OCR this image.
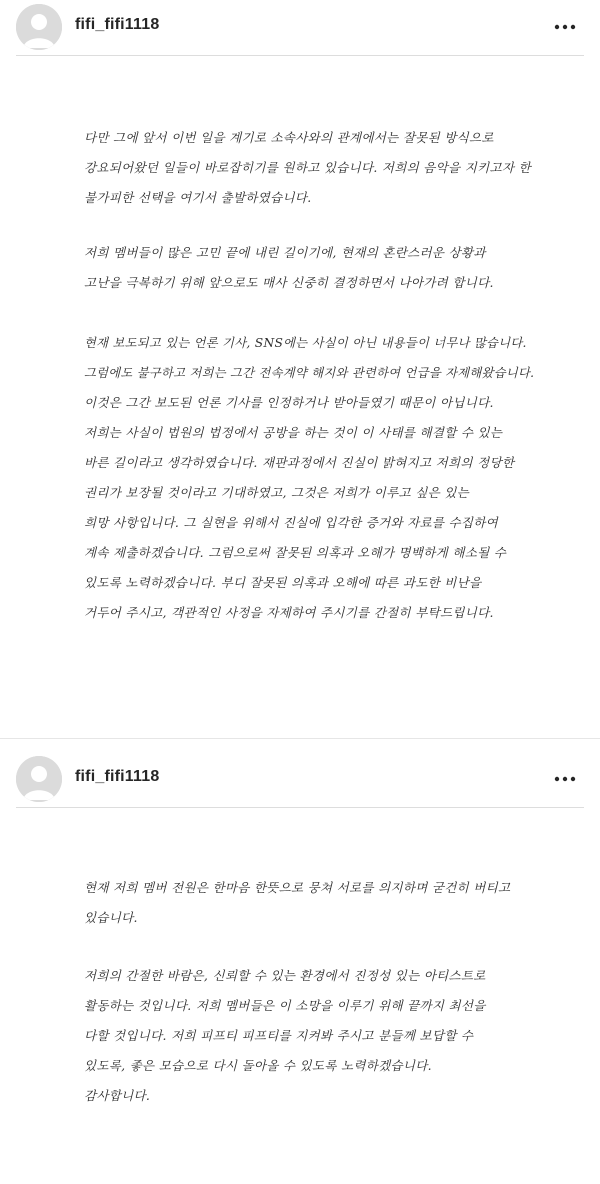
fifi_fifi1118
다만 그에 앞서 이번 일을 계기로 소속사와의 관계에서는 잘못된 방식으로
강요되어왔던 일들이 바로잡히기를 원하고 있습니다. 저희의 음악을 지키고자 한
불가피한 선택을 여기서 출발하였습니다.
저희 멤버들이 많은 고민 끝에 내린 길이기에, 현재의 혼란스러운 상황과
고난을 극복하기 위해 앞으로도 매사 신중히 결정하면서 나아가려 합니다.
현재 보도되고 있는 언론 기사, SNS에는 사실이 아닌 내용들이 너무나 많습니다.
그럼에도 불구하고 저희는 그간 전속계약 해지와 관련하여 언급을 자제해왔습니다.
이것은 그간 보도된 언론 기사를 인정하거나 받아들였기 때문이 아닙니다.
저희는 사실이 법원의 법정에서 공방을 하는 것이 이 사태를 해결할 수 있는
바른 길이라고 생각하였습니다. 재판과정에서 진실이 밝혀지고 저희의 정당한
권리가 보장될 것이라고 기대하였고, 그것은 저희가 이루고 싶은 있는
희망 사항입니다. 그 실현을 위해서 진실에 입각한 증거와 자료를 수집하여
계속 제출하겠습니다. 그럼으로써 잘못된 의혹과 오해가 명백하게 해소될 수
있도록 노력하겠습니다. 부디 잘못된 의혹과 오해에 따른 과도한 비난을
거두어 주시고, 객관적인 사정을 자제하여 주시기를 간절히 부탁드립니다.
fifi_fifi1118
현재 저희 멤버 전원은 한마음 한뜻으로 뭉쳐 서로를 의지하며 굳건히 버티고
있습니다.
저희의 간절한 바람은, 신뢰할 수 있는 환경에서 진정성 있는 아티스트로
활동하는 것입니다. 저희 멤버들은 이 소망을 이루기 위해 끝까지 최선을
다할 것입니다. 저희 피프티 피프티를 지켜봐 주시고 분들께 보답할 수
있도록, 좋은 모습으로 다시 돌아올 수 있도록 노력하겠습니다.
감사합니다.
